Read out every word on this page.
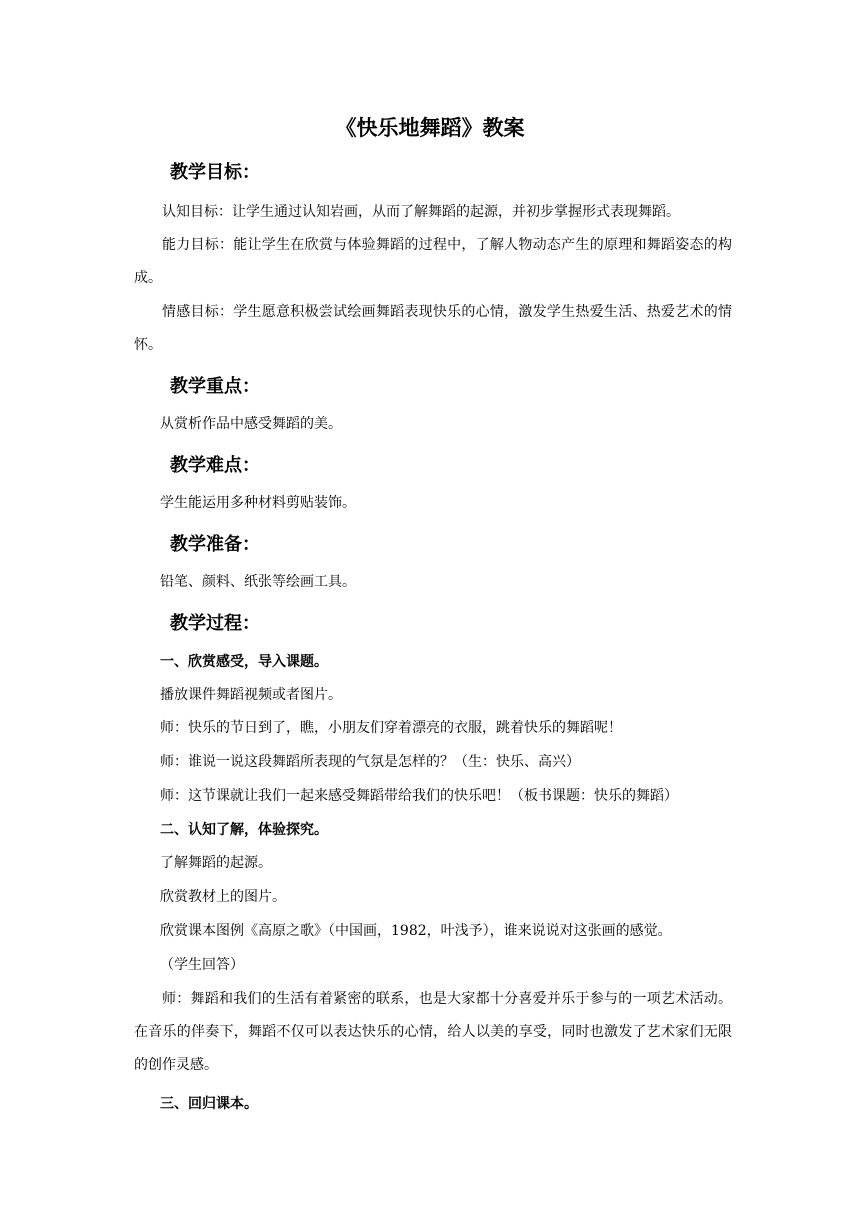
《快乐地舞蹈》教案
教学目标：
认知目标：让学生通过认知岩画，从而了解舞蹈的起源，并初步掌握形式表现舞蹈。
能力目标：能让学生在欣赏与体验舞蹈的过程中，了解人物动态产生的原理和舞蹈姿态的构成。
情感目标：学生愿意积极尝试绘画舞蹈表现快乐的心情，激发学生热爱生活、热爱艺术的情怀。
教学重点：
从赏析作品中感受舞蹈的美。
教学难点：
学生能运用多种材料剪贴装饰。
教学准备：
铅笔、颜料、纸张等绘画工具。
教学过程：
一、欣赏感受，导入课题。
播放课件舞蹈视频或者图片。
师：快乐的节日到了，瞧，小朋友们穿着漂亮的衣服，跳着快乐的舞蹈呢！
师：谁说一说这段舞蹈所表现的气氛是怎样的？（生：快乐、高兴）
师：这节课就让我们一起来感受舞蹈带给我们的快乐吧！（板书课题：快乐的舞蹈）
二、认知了解，体验探究。
了解舞蹈的起源。
欣赏教材上的图片。
欣赏课本图例《高原之歌》（中国画，1982，叶浅予），谁来说说对这张画的感觉。
（学生回答）
师：舞蹈和我们的生活有着紧密的联系，也是大家都十分喜爱并乐于参与的一项艺术活动。在音乐的伴奏下，舞蹈不仅可以表达快乐的心情，给人以美的享受，同时也激发了艺术家们无限的创作灵感。
三、回归课本。
